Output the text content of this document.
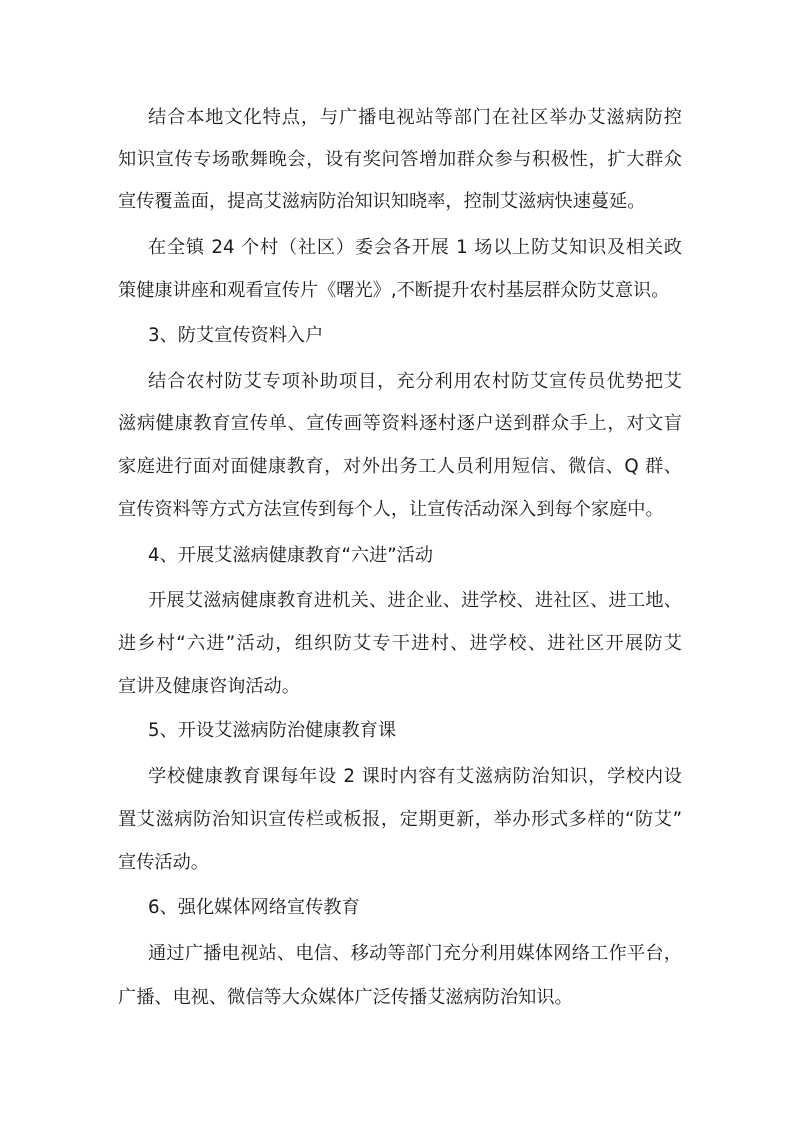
结合本地文化特点，与广播电视站等部门在社区举办艾滋病防控
知识宣传专场歌舞晚会，设有奖问答增加群众参与积极性，扩大群众
宣传覆盖面，提高艾滋病防治知识知晓率，控制艾滋病快速蔓延。
在全镇 24 个村（社区）委会各开展 1 场以上防艾知识及相关政
策健康讲座和观看宣传片《曙光》,不断提升农村基层群众防艾意识。
3、防艾宣传资料入户
结合农村防艾专项补助项目，充分利用农村防艾宣传员优势把艾
滋病健康教育宣传单、宣传画等资料逐村逐户送到群众手上，对文盲
家庭进行面对面健康教育，对外出务工人员利用短信、微信、Q 群、
宣传资料等方式方法宣传到每个人，让宣传活动深入到每个家庭中。
4、开展艾滋病健康教育“六进”活动
开展艾滋病健康教育进机关、进企业、进学校、进社区、进工地、
进乡村“六进”活动，组织防艾专干进村、进学校、进社区开展防艾
宣讲及健康咨询活动。
5、开设艾滋病防治健康教育课
学校健康教育课每年设 2 课时内容有艾滋病防治知识，学校内设
置艾滋病防治知识宣传栏或板报，定期更新，举办形式多样的“防艾”
宣传活动。
6、强化媒体网络宣传教育
通过广播电视站、电信、移动等部门充分利用媒体网络工作平台，
广播、电视、微信等大众媒体广泛传播艾滋病防治知识。
